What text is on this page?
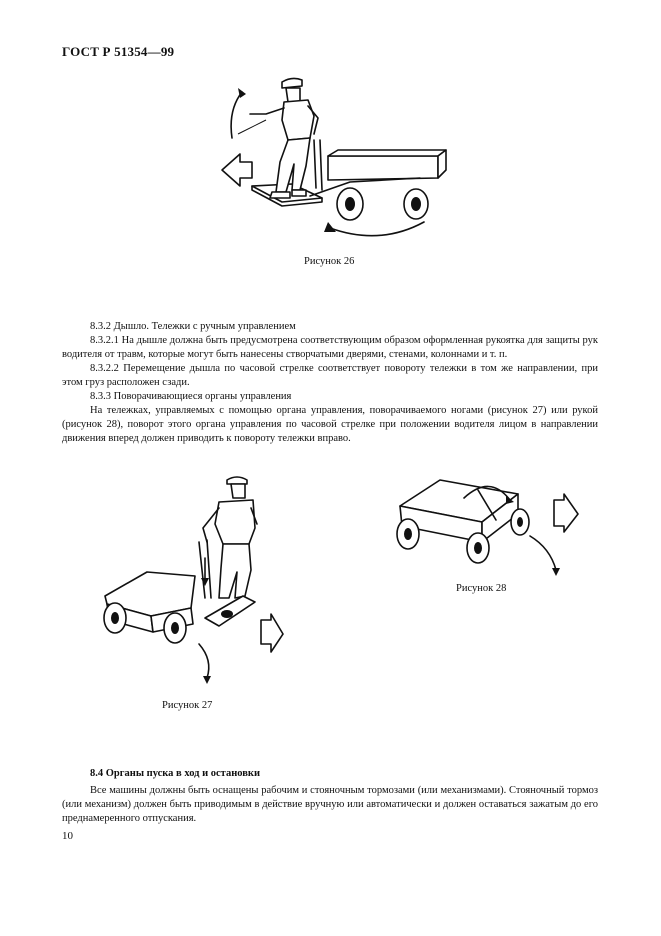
ГОСТ Р 51354—99
Рисунок 26

8.3.2 Дышло. Тележки с ручным управлением

8.3.2.1 На дышле должна быть предусмотрена соответствующим образом оформленная рукоятка для защиты рук водителя от травм, которые могут быть нанесены створчатыми дверями, стенами, колоннами и т. п.

8.3.2.2 Перемещение дышла по часовой стрелке соответствует повороту тележки в том же направлении, при этом груз расположен сзади.

8.3.3 Поворачивающиеся органы управления

На тележках, управляемых с помощью органа управления, поворачиваемого ногами (рисунок 27) или рукой (рисунок 28), поворот этого органа управления по часовой стрелке при положении водителя лицом в направлении движения вперед должен приводить к повороту тележки вправо.

Рисунок 27
Рисунок 28
8.4 Органы пуска в ход и остановки

Все машины должны быть оснащены рабочим и стояночным тормозами (или механизмами). Стояночный тормоз (или механизм) должен быть приводимым в действие вручную или автоматически и должен оставаться зажатым до его преднамеренного отпускания.

10
